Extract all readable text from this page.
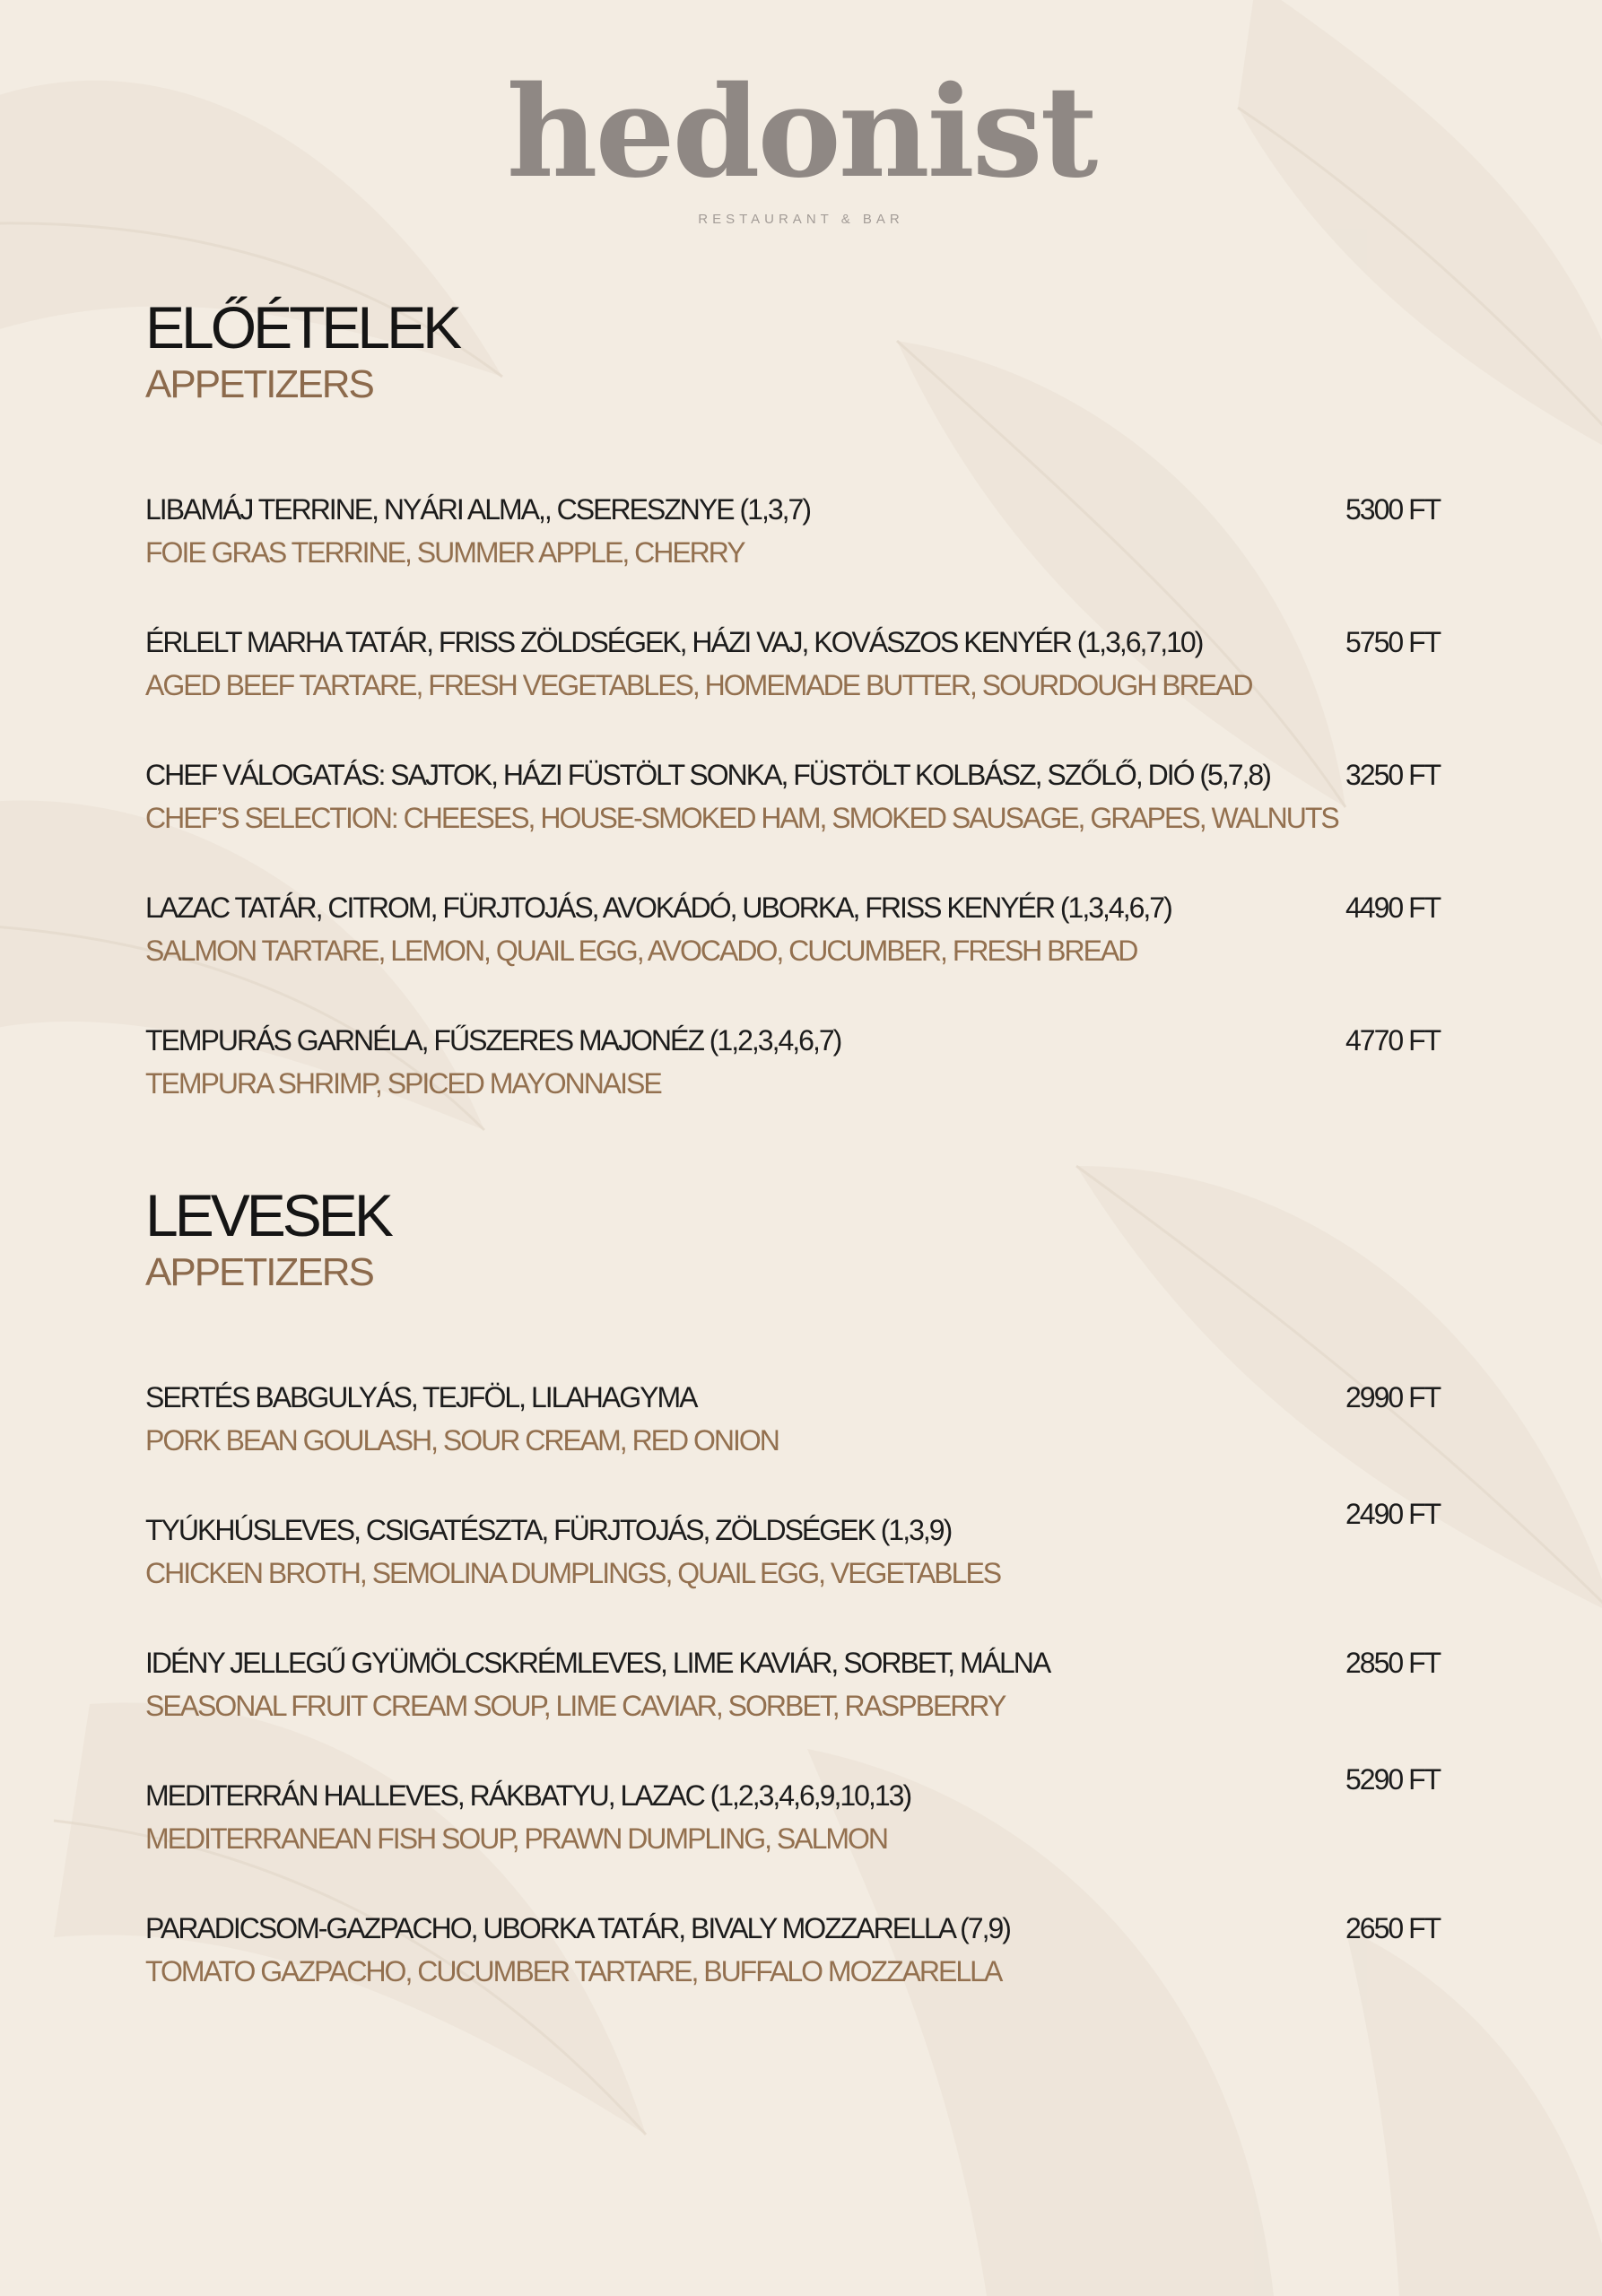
hedonist
RESTAURANT & BAR
ELŐÉTELEK
APPETIZERS
LIBAMÁJ TERRINE, NYÁRI ALMA,, CSERESZNYE (1,3,7)
FOIE GRAS TERRINE, SUMMER APPLE, CHERRY
5300 FT
ÉRLELT MARHA TATÁR, FRISS ZÖLDSÉGEK, HÁZI VAJ, KOVÁSZOS KENYÉR (1,3,6,7,10)
AGED BEEF TARTARE, FRESH VEGETABLES, HOMEMADE BUTTER, SOURDOUGH BREAD
5750 FT
CHEF VÁLOGATÁS: SAJTOK, HÁZI FÜSTÖLT SONKA, FÜSTÖLT KOLBÁSZ, SZŐLŐ, DIÓ (5,7,8)
CHEF’S SELECTION: CHEESES, HOUSE-SMOKED HAM, SMOKED SAUSAGE, GRAPES, WALNUTS
3250 FT
LAZAC TATÁR, CITROM, FÜRJTOJÁS, AVOKÁDÓ, UBORKA, FRISS KENYÉR (1,3,4,6,7)
SALMON TARTARE, LEMON, QUAIL EGG, AVOCADO, CUCUMBER, FRESH BREAD
4490 FT
TEMPURÁS GARNÉLA, FŰSZERES MAJONÉZ (1,2,3,4,6,7)
TEMPURA SHRIMP, SPICED MAYONNAISE
4770 FT
LEVESEK
APPETIZERS
SERTÉS BABGULYÁS, TEJFÖL, LILAHAGYMA
PORK BEAN GOULASH, SOUR CREAM, RED ONION
2990 FT
TYÚKHÚSLEVES, CSIGATÉSZTA, FÜRJTOJÁS, ZÖLDSÉGEK (1,3,9)
CHICKEN BROTH, SEMOLINA DUMPLINGS, QUAIL EGG, VEGETABLES
2490 FT
IDÉNY JELLEGŰ GYÜMÖLCSKRÉMLEVES, LIME KAVIÁR, SORBET, MÁLNA
SEASONAL FRUIT CREAM SOUP, LIME CAVIAR, SORBET, RASPBERRY
2850 FT
MEDITERRÁN HALLEVES, RÁKBATYU, LAZAC (1,2,3,4,6,9,10,13)
MEDITERRANEAN FISH SOUP, PRAWN DUMPLING, SALMON
5290 FT
PARADICSOM-GAZPACHO, UBORKA TATÁR, BIVALY MOZZARELLA (7,9)
TOMATO GAZPACHO, CUCUMBER TARTARE, BUFFALO MOZZARELLA
2650 FT
